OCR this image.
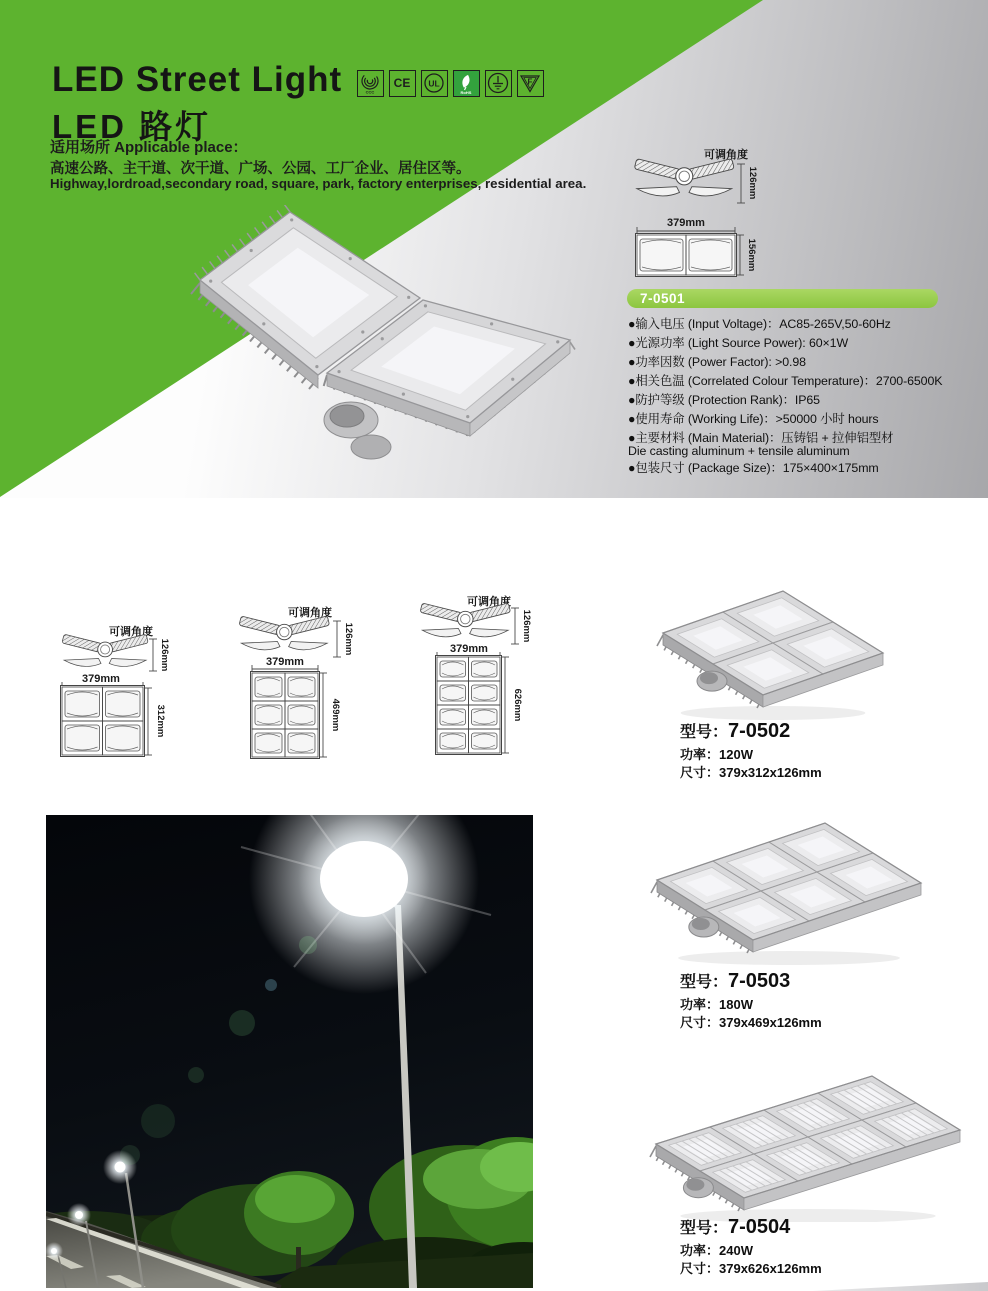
LED Street Light
LED 路灯
CCC
CE UL
RoHS
F
适用场所 Applicable place：
高速公路、主干道、次干道、广场、公园、工厂企业、居住区等。
Highway,lordroad,secondary road, square, park, factory enterprises, residential area.
可调角度
126mm
379mm
156mm
7-0501
●输入电压 (Input Voltage)：AC85-265V,50-60Hz
●光源功率 (Light Source Power): 60×1W
●功率因数 (Power Factor): >0.98
●相关色温 (Correlated Colour Temperature)：2700-6500K
●防护等级 (Protection Rank)：IP65
●使用寿命 (Working Life)：>50000 小时 hours
●主要材料 (Main Material)：压铸铝 + 拉伸铝型材
Die casting aluminum + tensile aluminum
●包装尺寸 (Package Size)：175×400×175mm
可调角度
126mm
379mm
312mm
可调角度
126mm
379mm
469mm
可调角度
126mm
379mm
626mm
型号：7-0502
功率：120W
尺寸：379x312x126mm
型号：7-0503
功率：180W
尺寸：379x469x126mm
型号：7-0504
功率：240W
尺寸：379x626x126mm
